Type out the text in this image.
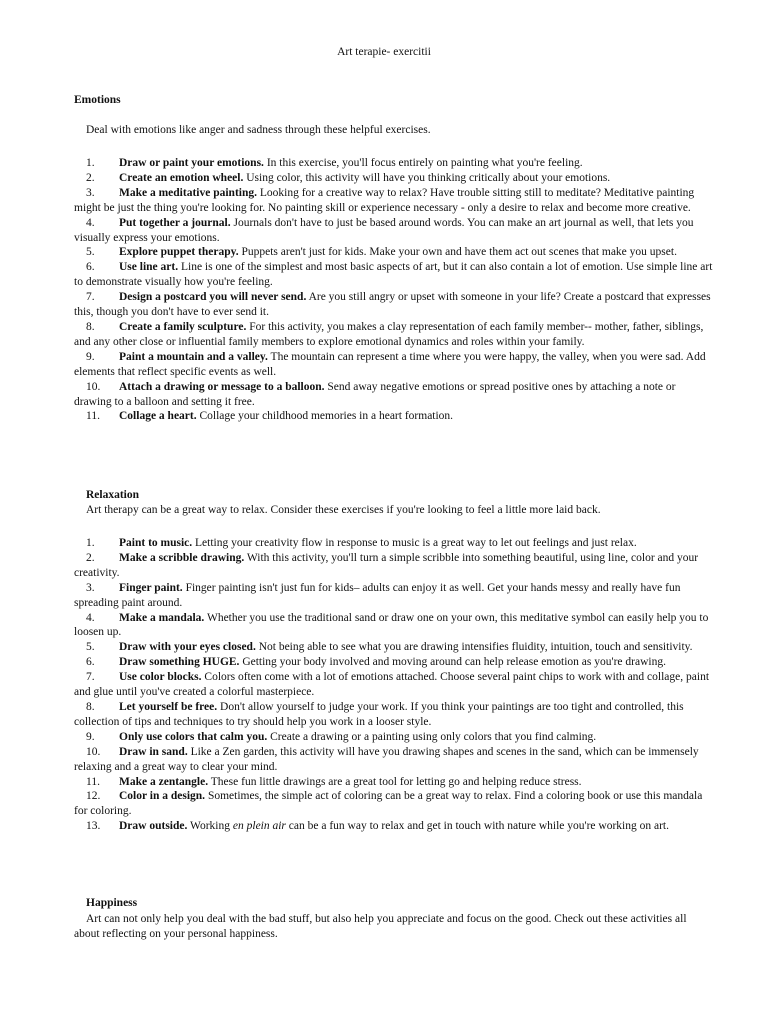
Art terapie- exercitii
Emotions
Deal with emotions like anger and sadness through these helpful exercises.
1. Draw or paint your emotions. In this exercise, you'll focus entirely on painting what you're feeling.
2. Create an emotion wheel. Using color, this activity will have you thinking critically about your emotions.
3. Make a meditative painting. Looking for a creative way to relax? Have trouble sitting still to meditate? Meditative painting might be just the thing you're looking for. No painting skill or experience necessary - only a desire to relax and become more creative.
4. Put together a journal. Journals don't have to just be based around words. You can make an art journal as well, that lets you visually express your emotions.
5. Explore puppet therapy. Puppets aren't just for kids. Make your own and have them act out scenes that make you upset.
6. Use line art. Line is one of the simplest and most basic aspects of art, but it can also contain a lot of emotion. Use simple line art to demonstrate visually how you're feeling.
7. Design a postcard you will never send. Are you still angry or upset with someone in your life? Create a postcard that expresses this, though you don't have to ever send it.
8. Create a family sculpture. For this activity, you makes a clay representation of each family member-- mother, father, siblings, and any other close or influential family members to explore emotional dynamics and roles within your family.
9. Paint a mountain and a valley. The mountain can represent a time where you were happy, the valley, when you were sad. Add elements that reflect specific events as well.
10. Attach a drawing or message to a balloon. Send away negative emotions or spread positive ones by attaching a note or drawing to a balloon and setting it free.
11. Collage a heart. Collage your childhood memories in a heart formation.
Relaxation
Art therapy can be a great way to relax. Consider these exercises if you're looking to feel a little more laid back.
1. Paint to music. Letting your creativity flow in response to music is a great way to let out feelings and just relax.
2. Make a scribble drawing. With this activity, you'll turn a simple scribble into something beautiful, using line, color and your creativity.
3. Finger paint. Finger painting isn't just fun for kids– adults can enjoy it as well. Get your hands messy and really have fun spreading paint around.
4. Make a mandala. Whether you use the traditional sand or draw one on your own, this meditative symbol can easily help you to loosen up.
5. Draw with your eyes closed. Not being able to see what you are drawing intensifies fluidity, intuition, touch and sensitivity.
6. Draw something HUGE. Getting your body involved and moving around can help release emotion as you're drawing.
7. Use color blocks. Colors often come with a lot of emotions attached. Choose several paint chips to work with and collage, paint and glue until you've created a colorful masterpiece.
8. Let yourself be free. Don't allow yourself to judge your work. If you think your paintings are too tight and controlled, this collection of tips and techniques to try should help you work in a looser style.
9. Only use colors that calm you. Create a drawing or a painting using only colors that you find calming.
10. Draw in sand. Like a Zen garden, this activity will have you drawing shapes and scenes in the sand, which can be immensely relaxing and a great way to clear your mind.
11. Make a zentangle. These fun little drawings are a great tool for letting go and helping reduce stress.
12. Color in a design. Sometimes, the simple act of coloring can be a great way to relax. Find a coloring book or use this mandala for coloring.
13. Draw outside. Working en plein air can be a fun way to relax and get in touch with nature while you're working on art.
Happiness
Art can not only help you deal with the bad stuff, but also help you appreciate and focus on the good. Check out these activities all about reflecting on your personal happiness.
